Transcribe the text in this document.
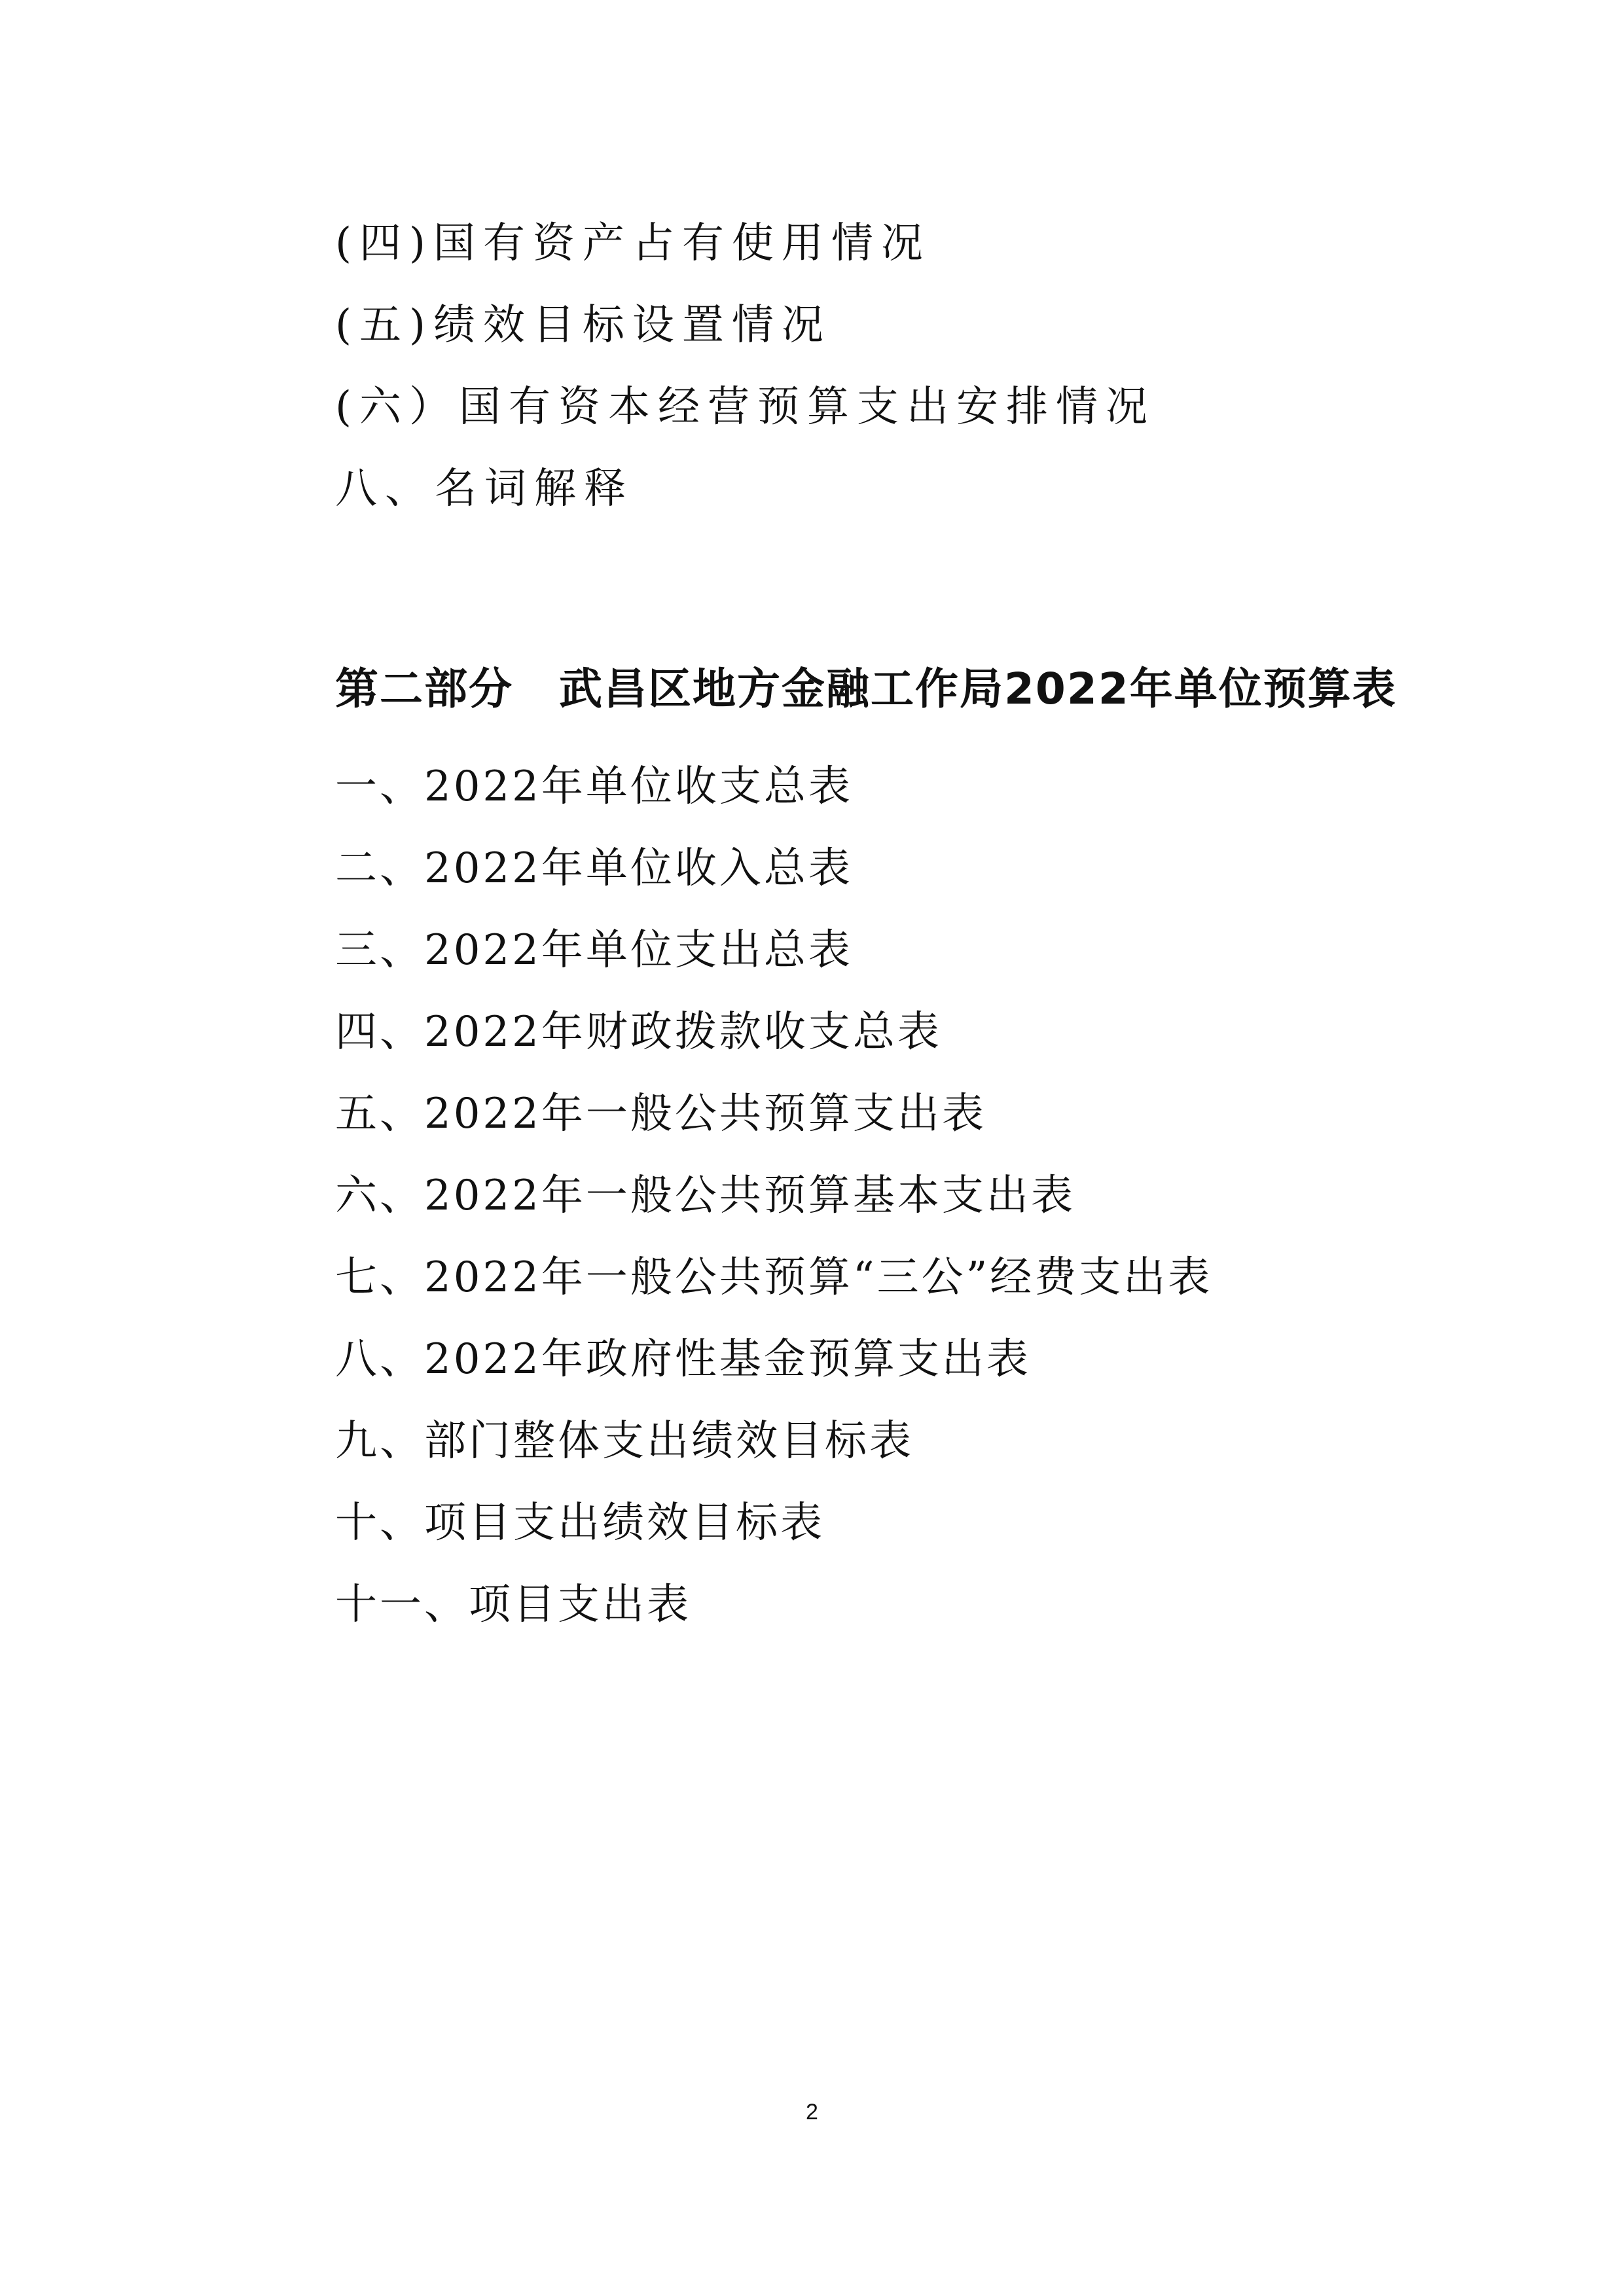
(四)国有资产占有使用情况
(五)绩效目标设置情况
(六）国有资本经营预算支出安排情况
八、名词解释
第二部分 武昌区地方金融工作局2022年单位预算表
一、2022年单位收支总表
二、2022年单位收入总表
三、2022年单位支出总表
四、2022年财政拨款收支总表
五、2022年一般公共预算支出表
六、2022年一般公共预算基本支出表
七、2022年一般公共预算“三公”经费支出表
八、2022年政府性基金预算支出表
九、部门整体支出绩效目标表
十、项目支出绩效目标表
十一、项目支出表
2
